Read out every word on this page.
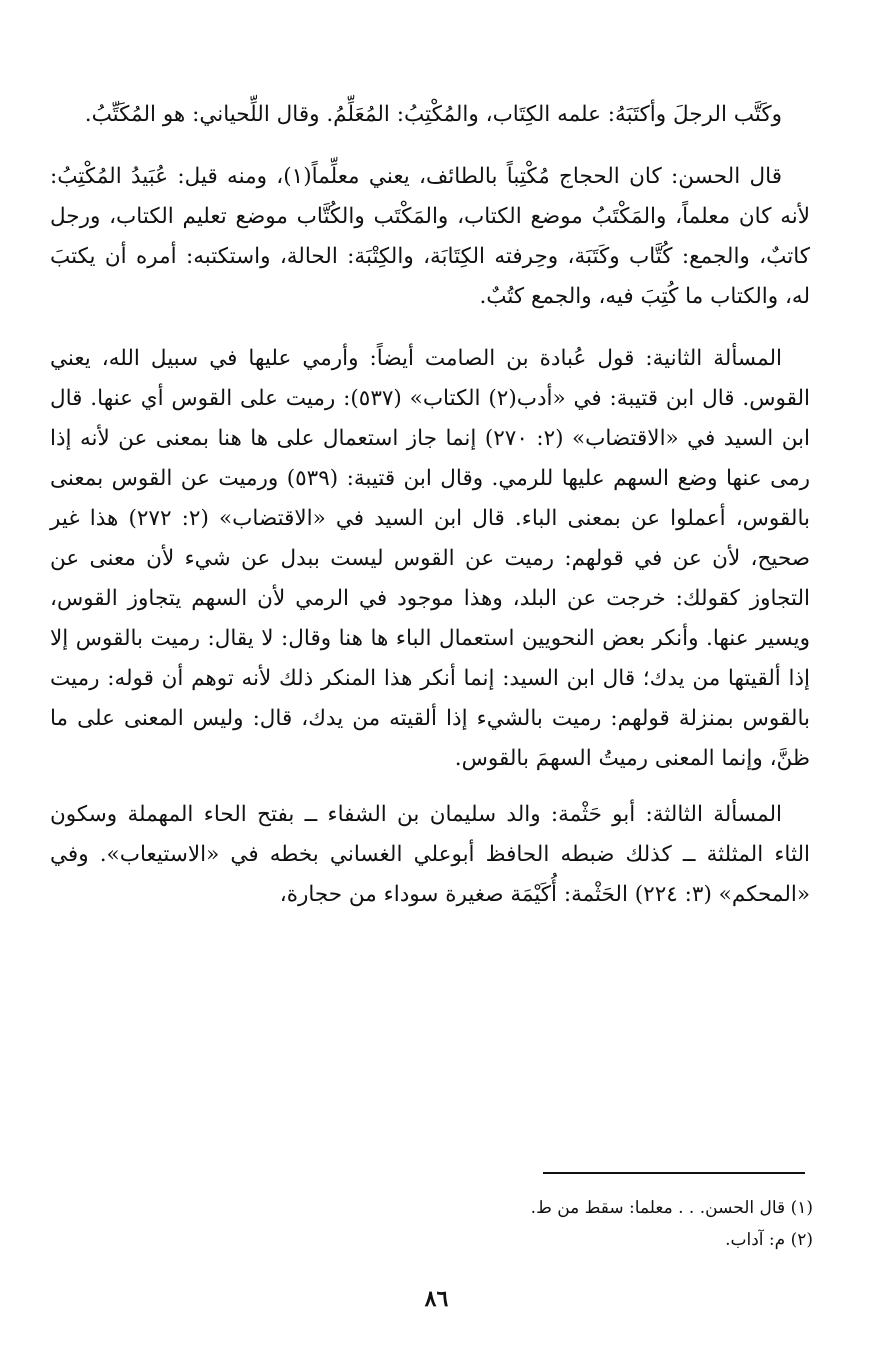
وكَتَّب الرجلَ وأكتَبَهُ: علمه الكِتَاب، والمُكْتِبُ: المُعَلِّمُ. وقال اللِّحياني: هو المُكَتِّبُ.

قال الحسن: كان الحجاج مُكْتِباً بالطائف، يعني معلِّماً(١)، ومنه قيل: عُبَيدُ المُكْتِبُ: لأنه كان معلماً، والمَكْتَبُ موضع الكتاب، والمَكْتَب والكُتَّاب موضع تعليم الكتاب، ورجل كاتبٌ، والجمع: كُتَّاب وكَتَبَة، وحِرفته الكِتَابَة، والكِتْبَة: الحالة، واستكتبه: أمره أن يكتبَ له، والكتاب ما كُتِبَ فيه، والجمع كتُبٌ.

المسألة الثانية: قول عُبادة بن الصامت أيضاً: وأرمي عليها في سبيل الله، يعني القوس. قال ابن قتيبة: في «أدب(٢) الكتاب» (٥٣٧): رميت على القوس أي عنها. قال ابن السيد في «الاقتضاب» (٢: ٢٧٠) إنما جاز استعمال على ها هنا بمعنى عن لأنه إذا رمى عنها وضع السهم عليها للرمي. وقال ابن قتيبة: (٥٣٩) ورميت عن القوس بمعنى بالقوس، أعملوا عن بمعنى الباء. قال ابن السيد في «الاقتضاب» (٢: ٢٧٢) هذا غير صحيح، لأن عن في قولهم: رميت عن القوس ليست ببدل عن شيء لأن معنى عن التجاوز كقولك: خرجت عن البلد، وهذا موجود في الرمي لأن السهم يتجاوز القوس، ويسير عنها. وأنكر بعض النحويين استعمال الباء ها هنا وقال: لا يقال: رميت بالقوس إلا إذا ألقيتها من يدك؛ قال ابن السيد: إنما أنكر هذا المنكر ذلك لأنه توهم أن قوله: رميت بالقوس بمنزلة قولهم: رميت بالشيء إذا ألقيته من يدك، قال: وليس المعنى على ما ظنَّ، وإنما المعنى رميتُ السهمَ بالقوس.

المسألة الثالثة: أبو حَثْمة: والد سليمان بن الشفاء ــ بفتح الحاء المهملة وسكون الثاء المثلثة ــ كذلك ضبطه الحافظ أبوعلي الغساني بخطه في «الاستيعاب». وفي «المحكم» (٣: ٢٢٤) الحَثْمة: أُكَيْمَة صغيرة سوداء من حجارة،

(١) قال الحسن. . . معلما: سقط من ط.

(٢) م: آداب.

٨٦
